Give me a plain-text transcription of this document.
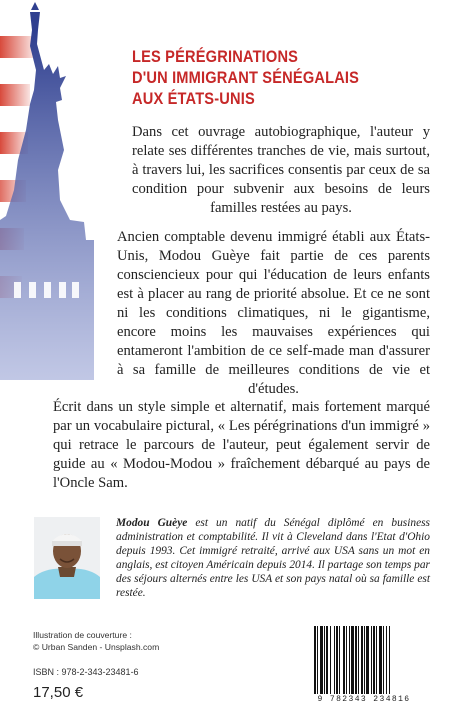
LES PÉRÉGRINATIONS
D'UN IMMIGRANT SÉNÉGALAIS
AUX ÉTATS-UNIS

Dans cet ouvrage autobiographique, l'auteur y relate ses différentes tranches de vie, mais surtout, à travers lui, les sacrifices consentis par ceux de sa condition pour subvenir aux besoins de leurs familles restées au pays.

Ancien comptable devenu immigré établi aux États-Unis, Modou Guèye fait partie de ces parents consciencieux pour qui l'éducation de leurs enfants est à placer au rang de priorité absolue. Et ce ne sont ni les conditions climatiques, ni le gigantisme, encore moins les mauvaises expériences qui entameront l'ambition de ce self-made man d'assurer à sa famille de meilleures conditions de vie et d'études.

Écrit dans un style simple et alternatif, mais fortement marqué par un vocabulaire pictural, « Les pérégrinations d'un immigré » qui retrace le parcours de l'auteur, peut également servir de guide au « Modou-Modou » fraîchement débarqué au pays de l'Oncle Sam.

Modou Guèye est un natif du Sénégal diplômé en business administration et comptabilité. Il vit à Cleveland dans l'Etat d'Ohio depuis 1993. Cet immigré retraité, arrivé aux USA sans un mot en anglais, est citoyen Américain depuis 2014. Il partage son temps par des séjours alternés entre les USA et son pays natal où sa famille est restée.

Illustration de couverture :
© Urban Sanden - Unsplash.com
ISBN : 978-2-343-23481-6
17,50 €	9 782343 234816
